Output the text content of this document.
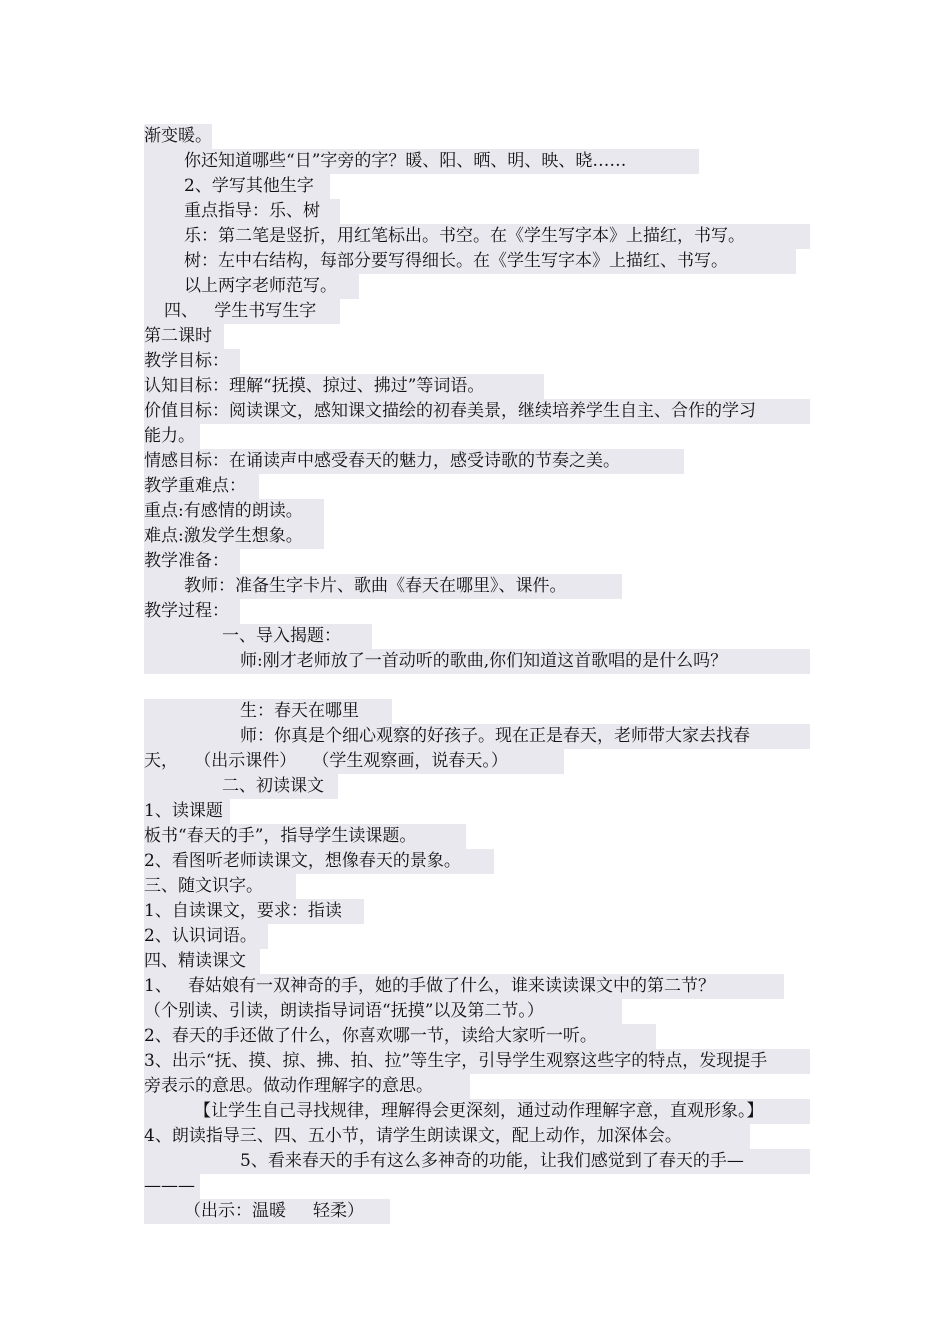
渐变暖。
你还知道哪些“日”字旁的字？暖、阳、晒、明、映、晓……
2、学写其他生字
重点指导：乐、树
乐：第二笔是竖折，用红笔标出。书空。在《学生写字本》上描红，书写。
树：左中右结构，每部分要写得细长。在《学生写字本》上描红、书写。
以上两字老师范写。
四、   学生书写生字
第二课时
教学目标：
认知目标：理解“抚摸、掠过、拂过”等词语。
价值目标：阅读课文，感知课文描绘的初春美景，继续培养学生自主、合作的学习
能力。
情感目标：在诵读声中感受春天的魅力，感受诗歌的节奏之美。
教学重难点：
重点:有感情的朗读。
难点:激发学生想象。
教学准备：
教师：准备生字卡片、歌曲《春天在哪里》、课件。
教学过程：
一、导入揭题：
师:刚才老师放了一首动听的歌曲,你们知道这首歌唱的是什么吗？
生：春天在哪里
师：你真是个细心观察的好孩子。现在正是春天，老师带大家去找春
天，   （出示课件）   （学生观察画，说春天。）
二、初读课文
1、读课题
板书“春天的手”，指导学生读课题。
2、看图听老师读课文，想像春天的景象。
三、随文识字。
1、自读课文，要求：指读
2、认识词语。
四、精读课文
1、   春姑娘有一双神奇的手，她的手做了什么，谁来读读课文中的第二节？
（个别读、引读，朗读指导词语“抚摸”以及第二节。）
2、春天的手还做了什么，你喜欢哪一节，读给大家听一听。
3、出示“抚、摸、掠、拂、拍、拉”等生字，引导学生观察这些字的特点，发现提手
旁表示的意思。做动作理解字的意思。
【让学生自己寻找规律，理解得会更深刻，通过动作理解字意，直观形象。】
4、朗读指导三、四、五小节，请学生朗读课文，配上动作，加深体会。
5、看来春天的手有这么多神奇的功能，让我们感觉到了春天的手—
———
（出示：温暖     轻柔）
